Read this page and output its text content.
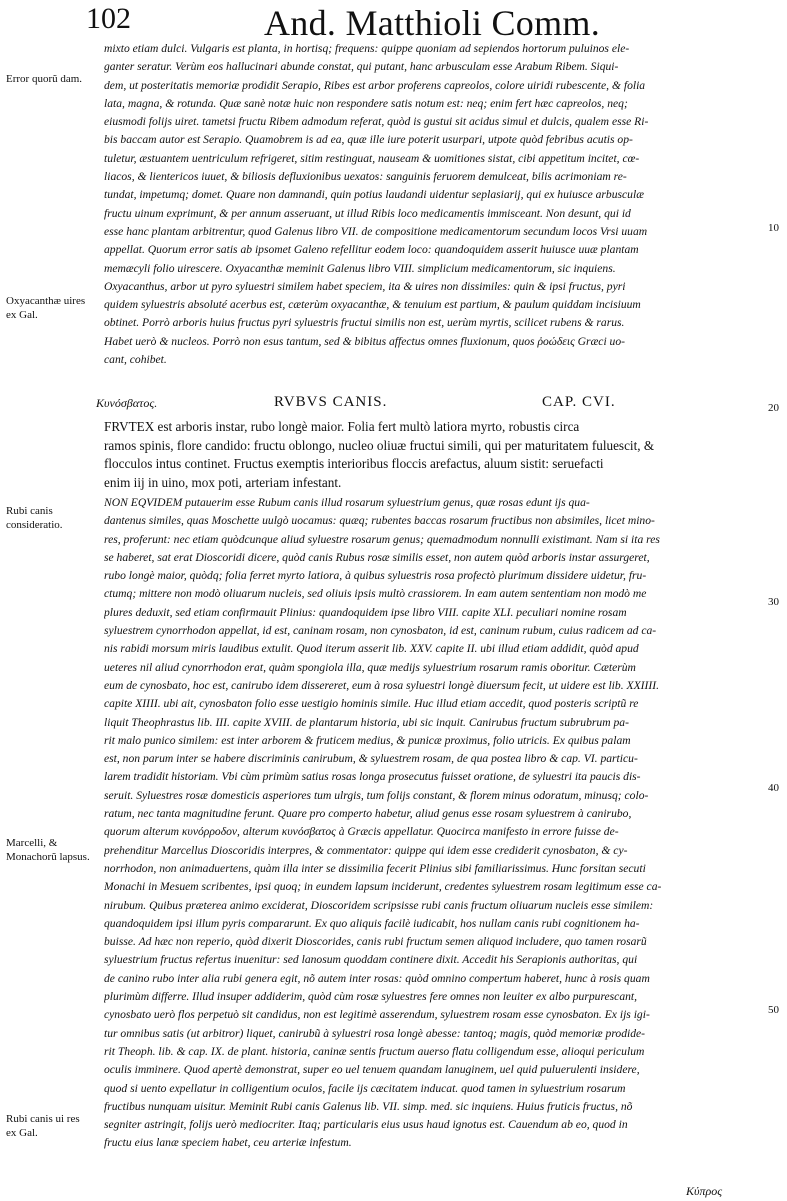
102	And. Matthioli Comm.
Error quorũ dam.
Oxyacanthæ uires ex Gal.
Rubi canis consideratio.
Marcelli, & Monachorũ lapsus.
Rubi canis ui res ex Gal.
10
20
30
40
50
mixto etiam dulci. Vulgaris est planta, in hortisq; frequens: quippe quoniam ad sepiendos hortorum puluinos ele-
ganter seratur. Verùm eos hallucinari abunde constat, qui putant, hanc arbusculam esse Arabum Ribem. Siqui-
dem, ut posteritatis memoriæ prodidit Serapio, Ribes est arbor proferens capreolos, colore uiridi rubescente, & folia
lata, magna, & rotunda. Quæ sanè notæ huic non respondere satis notum est: neq; enim fert hæc capreolos, neq;
eiusmodi folijs uiret. tametsi fructu Ribem admodum referat, quòd is gustui sit acidus simul et dulcis, qualem esse Ri-
bis baccam autor est Serapio. Quamobrem is ad ea, quæ ille iure poterit usurpari, utpote quòd febribus acutis op-
tuletur, æstuantem uentriculum refrigeret, sitim restinguat, nauseam & uomitiones sistat, cibi appetitum incitet, cœ-
liacos, & lientericos iuuet, & biliosis defluxionibus uexatos: sanguinis feruorem demulceat, bilis acrimoniam re-
tundat, impetumq; domet. Quare non damnandi, quin potius laudandi uidentur seplasiarij, qui ex huiusce arbusculæ
fructu uinum exprimunt, & per annum asseruant, ut illud Ribis loco medicamentis immisceant. Non desunt, qui id
esse hanc plantam arbitrentur, quod Galenus libro VII. de compositione medicamentorum secundum locos Vrsi uuam
appellat. Quorum error satis ab ipsomet Galeno refellitur eodem loco: quandoquidem asserit huiusce uuæ plantam
memæcyli folio uirescere. Oxyacanthæ meminit Galenus libro VIII. simplicium medicamentorum, sic inquiens.
Oxyacanthus, arbor ut pyro syluestri similem habet speciem, ita & uires non dissimiles: quin & ipsi fructus, pyri
quidem syluestris absoluté acerbus est, cæterùm oxyacanthæ, & tenuium est partium, & paulum quiddam incisiuum
obtinet. Porrò arboris huius fructus pyri syluestris fructui similis non est, uerùm myrtis, scilicet rubens & rarus.
Habet uerò & nucleos. Porrò non esus tantum, sed & bibitus affectus omnes fluxionum, quos ῥοώδεις Græci uo-
cant, cohibet.
Κυνόσβατος.	RVBVS CANIS.	CAP. CVI.
FRVTEX est arboris instar, rubo longè maior. Folia fert multò latiora myrto, robustis circa
ramos spinis, flore candido: fructu oblongo, nucleo oliuæ fructui simili, qui per maturitatem fuluescit, &
flocculos intus continet. Fructus exemptis interioribus floccis arefactus, aluum sistit: seruefacti
enim iij in uino, mox poti, arteriam infestant.
NON EQVIDEM putauerim esse Rubum canis illud rosarum syluestrium genus, quæ rosas edunt ijs qua-
dantenus similes, quas Moschette uulgò uocamus: quæq; rubentes baccas rosarum fructibus non absimiles, licet mino-
res, proferunt: nec etiam quòdcunque aliud syluestre rosarum genus; quemadmodum nonnulli existimant. Nam si ita res
se haberet, sat erat Dioscoridi dicere, quòd canis Rubus rosæ similis esset, non autem quòd arboris instar assurgeret,
rubo longè maior, quòdq; folia ferret myrto latiora, à quibus syluestris rosa profectò plurimum dissidere uidetur, fru-
ctumq; mittere non modò oliuarum nucleis, sed oliuis ipsis multò crassiorem. In eam autem sententiam non modò me
plures deduxit, sed etiam confirmauit Plinius: quandoquidem ipse libro VIII. capite XLI. peculiari nomine rosam
syluestrem cynorrhodon appellat, id est, caninam rosam, non cynosbaton, id est, caninum rubum, cuius radicem ad ca-
nis rabidi morsum miris laudibus extulit. Quod iterum asserit lib. XXV. capite II. ubi illud etiam addidit, quòd apud
ueteres nil aliud cynorrhodon erat, quàm spongiola illa, quæ medijs syluestrium rosarum ramis oboritur. Cæterùm
eum de cynosbato, hoc est, canirubo idem dissereret, eum à rosa syluestri longè diuersum fecit, ut uidere est lib. XXIIII.
capite XIIII. ubi ait, cynosbaton folio esse uestigio hominis simile. Huc illud etiam accedit, quod posteris scriptũ re
liquit Theophrastus lib. III. capite XVIII. de plantarum historia, ubi sic inquit. Canirubus fructum subrubrum pa-
rit malo punico similem: est inter arborem & fruticem medius, & punicæ proximus, folio utricis. Ex quibus palam
est, non parum inter se habere discriminis canirubum, & syluestrem rosam, de qua postea libro & cap. VI. particu-
larem tradidit historiam. Vbi cùm primùm satius rosas longa prosecutus fuisset oratione, de syluestri ita paucis dis-
seruit. Syluestres rosæ domesticis asperiores tum ulrgis, tum folijs constant, & florem minus odoratum, minusq; colo-
ratum, nec tanta magnitudine ferunt. Quare pro comperto habetur, aliud genus esse rosam syluestrem à canirubo,
quorum alterum κυνόρροδον, alterum κυνόσβατος à Græcis appellatur. Quocirca manifesto in errore fuisse de-
prehenditur Marcellus Dioscoridis interpres, & commentator: quippe qui idem esse crediderit cynosbaton, & cy-
norrhodon, non animaduertens, quàm illa inter se dissimilia fecerit Plinius sibi familiarissimus. Hunc forsitan secuti
Monachi in Mesuem scribentes, ipsi quoq; in eundem lapsum inciderunt, credentes syluestrem rosam legitimum esse ca-
nirubum. Quibus præterea animo exciderat, Dioscoridem scripsisse rubi canis fructum oliuarum nucleis esse similem:
quandoquidem ipsi illum pyris compararunt. Ex quo aliquis facilè iudicabit, hos nullam canis rubi cognitionem ha-
buisse. Ad hæc non reperio, quòd dixerit Dioscorides, canis rubi fructum semen aliquod includere, quo tamen rosarũ
syluestrium fructus refertus inuenitur: sed lanosum quoddam continere dixit. Accedit his Serapionis authoritas, qui
de canino rubo inter alia rubi genera egit, nõ autem inter rosas: quòd omnino compertum haberet, hunc à rosis quam
plurimùm differre. Illud insuper addiderim, quòd cùm rosæ syluestres fere omnes non leuiter ex albo purpurescant,
cynosbato uerò flos perpetuò sit candidus, non est legitimè asserendum, syluestrem rosam esse cynosbaton. Ex ijs igi-
tur omnibus satis (ut arbitror) liquet, canirubũ à syluestri rosa longè abesse: tantoq; magis, quòd memoriæ prodide-
rit Theoph. lib. & cap. IX. de plant. historia, caninæ sentis fructum auerso flatu colligendum esse, alioqui periculum
oculis imminere. Quod apertè demonstrat, super eo uel tenuem quandam lanuginem, uel quid puluerulenti insidere,
quod si uento expellatur in colligentium oculos, facile ijs cæcitatem inducat. quod tamen in syluestrium rosarum
fructibus nunquam uisitur. Meminit Rubi canis Galenus lib. VII. simp. med. sic inquiens. Huius fruticis fructus, nõ
segniter astringit, folijs uerò mediocriter. Itaq; particularis eius usus haud ignotus est. Cauendum ab eo, quod in
fructu eius lanæ speciem habet, ceu arteriæ infestum.
Κύπρος
